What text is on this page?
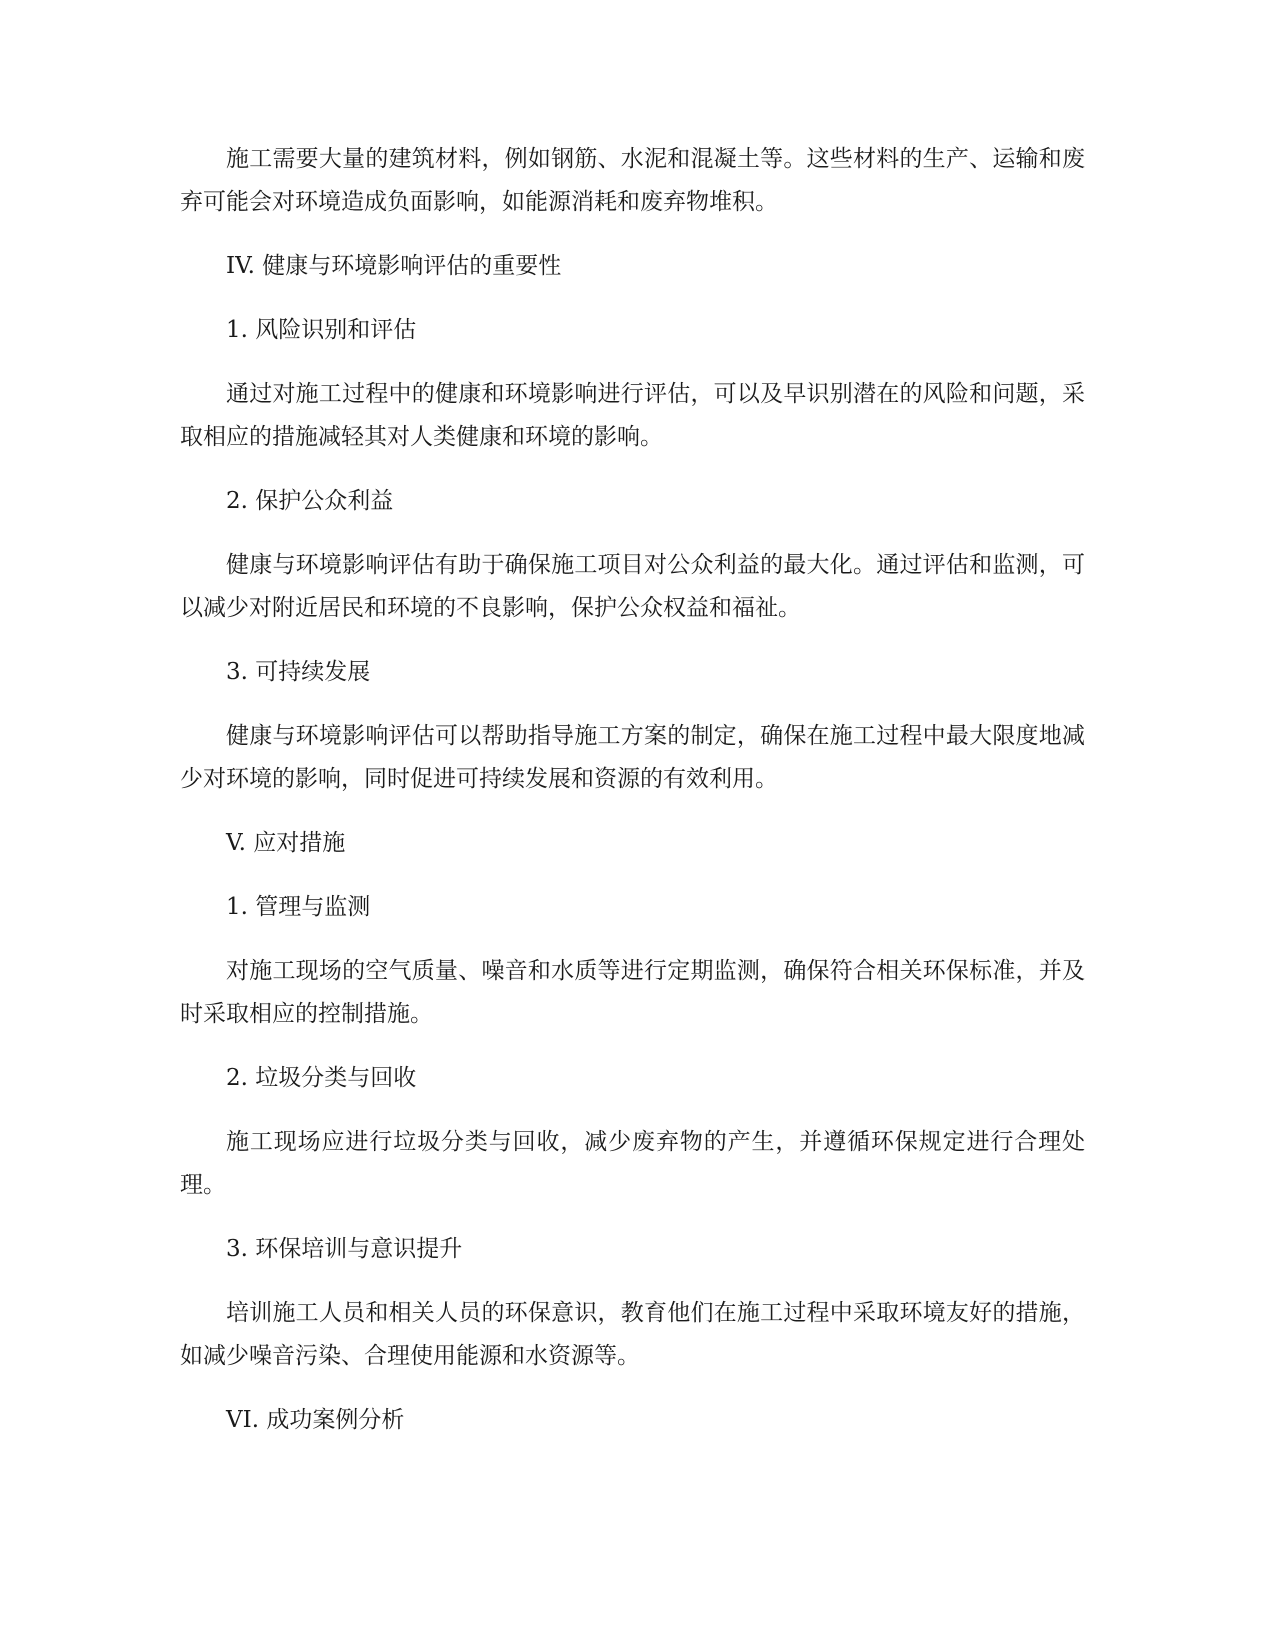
施工需要大量的建筑材料，例如钢筋、水泥和混凝土等。这些材料的生产、运输和废弃可能会对环境造成负面影响，如能源消耗和废弃物堆积。

IV. 健康与环境影响评估的重要性

1. 风险识别和评估

通过对施工过程中的健康和环境影响进行评估，可以及早识别潜在的风险和问题，采取相应的措施减轻其对人类健康和环境的影响。

2. 保护公众利益

健康与环境影响评估有助于确保施工项目对公众利益的最大化。通过评估和监测，可以减少对附近居民和环境的不良影响，保护公众权益和福祉。

3. 可持续发展

健康与环境影响评估可以帮助指导施工方案的制定，确保在施工过程中最大限度地减少对环境的影响，同时促进可持续发展和资源的有效利用。

V. 应对措施

1. 管理与监测

对施工现场的空气质量、噪音和水质等进行定期监测，确保符合相关环保标准，并及时采取相应的控制措施。

2. 垃圾分类与回收

施工现场应进行垃圾分类与回收，减少废弃物的产生，并遵循环保规定进行合理处理。

3. 环保培训与意识提升

培训施工人员和相关人员的环保意识，教育他们在施工过程中采取环境友好的措施，如减少噪音污染、合理使用能源和水资源等。

VI. 成功案例分析
